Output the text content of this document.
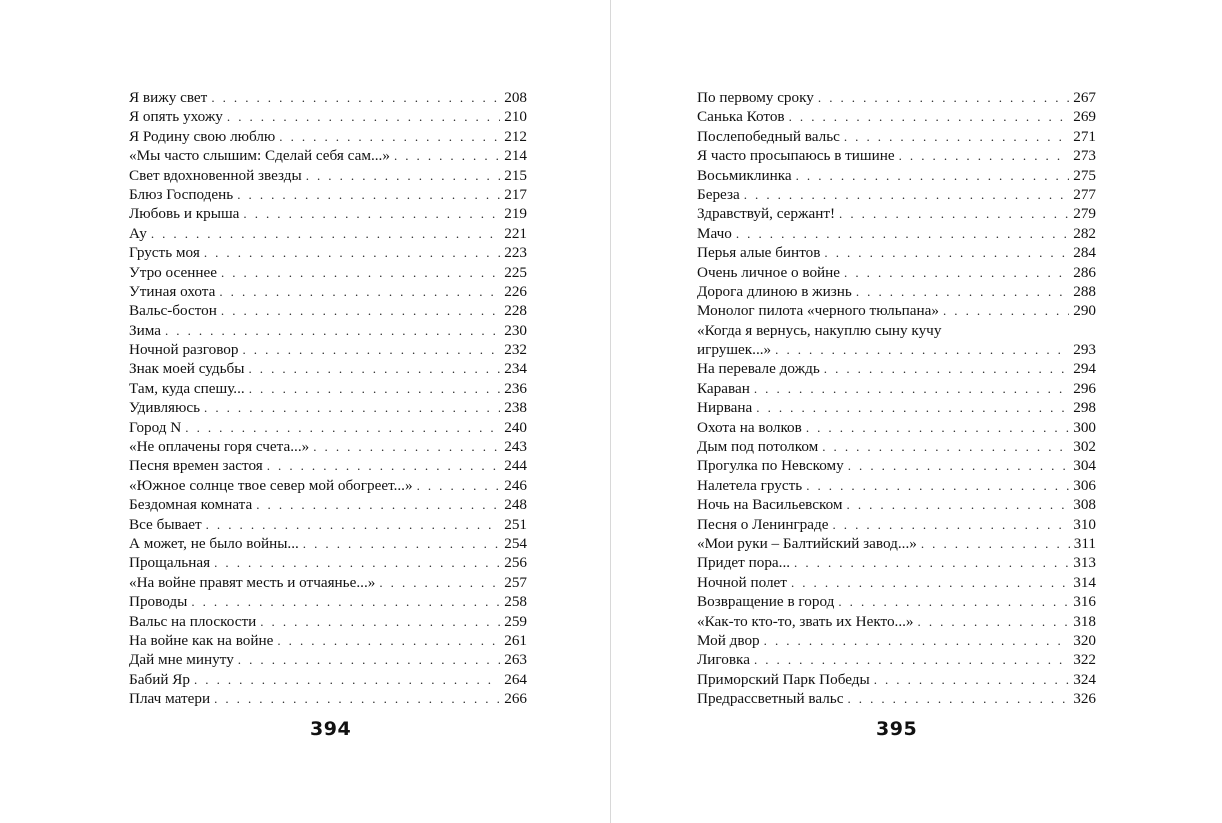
Я вижу свет . . .	208
Я опять ухожу . . .	210
Я Родину свою люблю . . .	212
«Мы часто слышим: Сделай себя сам...» . . .	214
Свет вдохновенной звезды . . .	215
Блюз Господень . . .	217
Любовь и крыша . . .	219
Ау . . .	221
Грусть моя . . .	223
Утро осеннее . . .	225
Утиная охота . . .	226
Вальс-бостон . . .	228
Зима . . .	230
Ночной разговор . . .	232
Знак моей судьбы . . .	234
Там, куда спешу... . . .	236
Удивляюсь . . .	238
Город N . . .	240
«Не оплачены горя счета...» . . .	243
Песня времен застоя . . .	244
«Южное солнце твое север мой обогреет...» . . .	246
Бездомная комната . . .	248
Все бывает . . .	251
А может, не было войны... . . .	254
Прощальная . . .	256
«На войне правят месть и отчаянье...» . . .	257
Проводы . . .	258
Вальс на плоскости . . .	259
На войне как на войне . . .	261
Дай мне минуту . . .	263
Бабий Яр . . .	264
Плач матери . . .	266
394
По первому сроку . . .	267
Санька Котов . . .	269
Послепобедный вальс . . .	271
Я часто просыпаюсь в тишине . . .	273
Восьмиклинка . . .	275
Береза . . .	277
Здравствуй, сержант! . . .	279
Мачо . . .	282
Перья алые бинтов . . .	284
Очень личное о войне . . .	286
Дорога длиною в жизнь . . .	288
Монолог пилота «черного тюльпана» . . .	290
«Когда я вернусь, накуплю сыну кучу
игрушек...» . . .	293
На перевале дождь . . .	294
Караван . . .	296
Нирвана . . .	298
Охота на волков . . .	300
Дым под потолком . . .	302
Прогулка по Невскому . . .	304
Налетела грусть . . .	306
Ночь на Васильевском . . .	308
Песня о Ленинграде . . .	310
«Мои руки – Балтийский завод...» . . .	311
Придет пора... . . .	313
Ночной полет . . .	314
Возвращение в город . . .	316
«Как-то кто-то, звать их Некто...» . . .	318
Мой двор . . .	320
Лиговка . . .	322
Приморский Парк Победы . . .	324
Предрассветный вальс . . .	326
395
